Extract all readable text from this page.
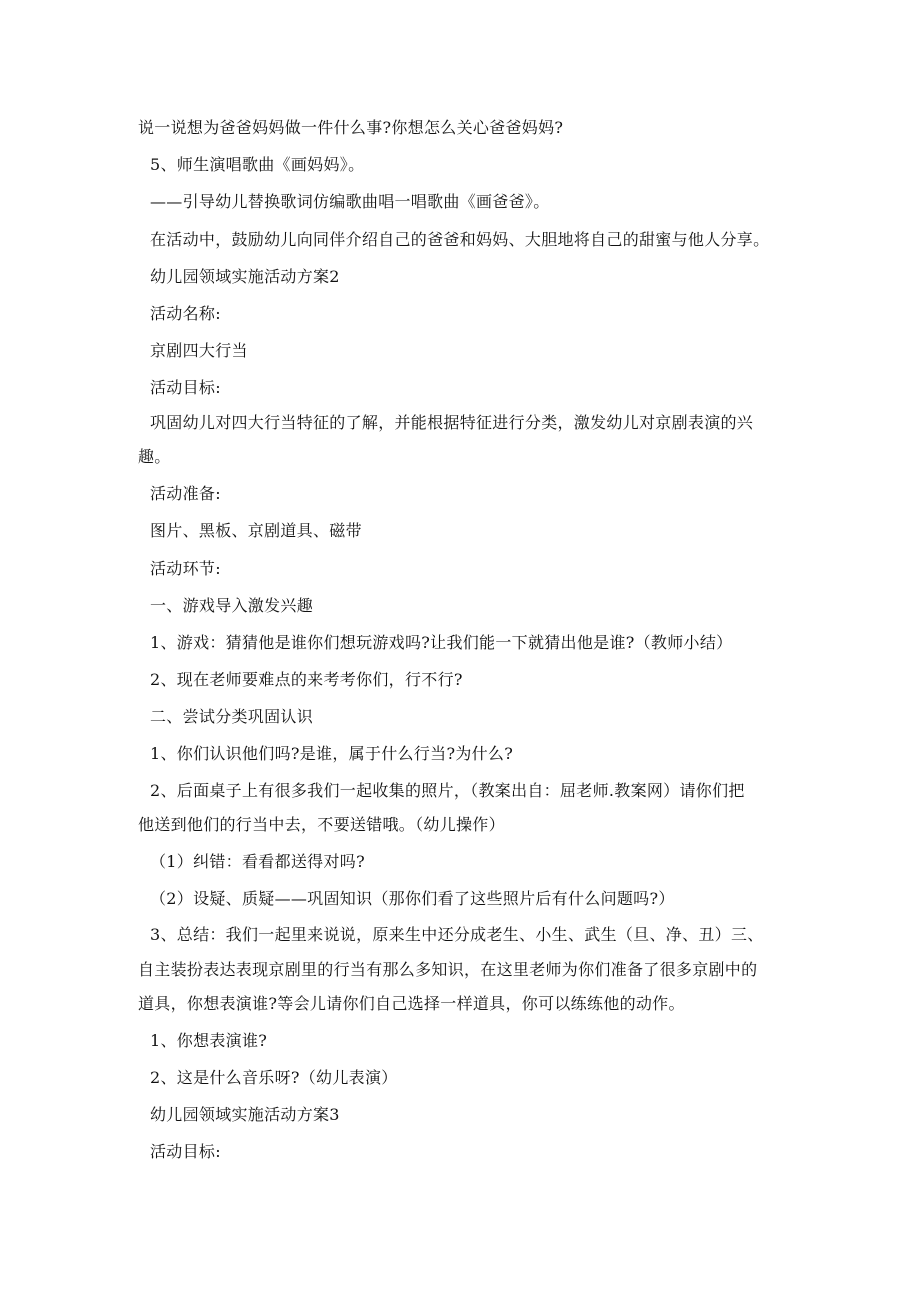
说一说想为爸爸妈妈做一件什么事?你想怎么关心爸爸妈妈?
5、师生演唱歌曲《画妈妈》。
——引导幼儿替换歌词仿编歌曲唱一唱歌曲《画爸爸》。
在活动中，鼓励幼儿向同伴介绍自己的爸爸和妈妈、大胆地将自己的甜蜜与他人分享。
幼儿园领域实施活动方案2
活动名称:
京剧四大行当
活动目标:
巩固幼儿对四大行当特征的了解，并能根据特征进行分类，激发幼儿对京剧表演的兴
趣。
活动准备:
图片、黑板、京剧道具、磁带
活动环节:
一、游戏导入激发兴趣
1、游戏：猜猜他是谁你们想玩游戏吗?让我们能一下就猜出他是谁?（教师小结）
2、现在老师要难点的来考考你们，行不行?
二、尝试分类巩固认识
1、你们认识他们吗?是谁，属于什么行当?为什么?
2、后面桌子上有很多我们一起收集的照片，（教案出自：屈老师.教案网）请你们把
他送到他们的行当中去，不要送错哦。（幼儿操作）
（1）纠错：看看都送得对吗?
（2）设疑、质疑——巩固知识（那你们看了这些照片后有什么问题吗?）
3、总结：我们一起里来说说，原来生中还分成老生、小生、武生（旦、净、丑）三、
自主装扮表达表现京剧里的行当有那么多知识，在这里老师为你们准备了很多京剧中的
道具，你想表演谁?等会儿请你们自己选择一样道具，你可以练练他的动作。
1、你想表演谁?
2、这是什么音乐呀?（幼儿表演）
幼儿园领域实施活动方案3
活动目标:
